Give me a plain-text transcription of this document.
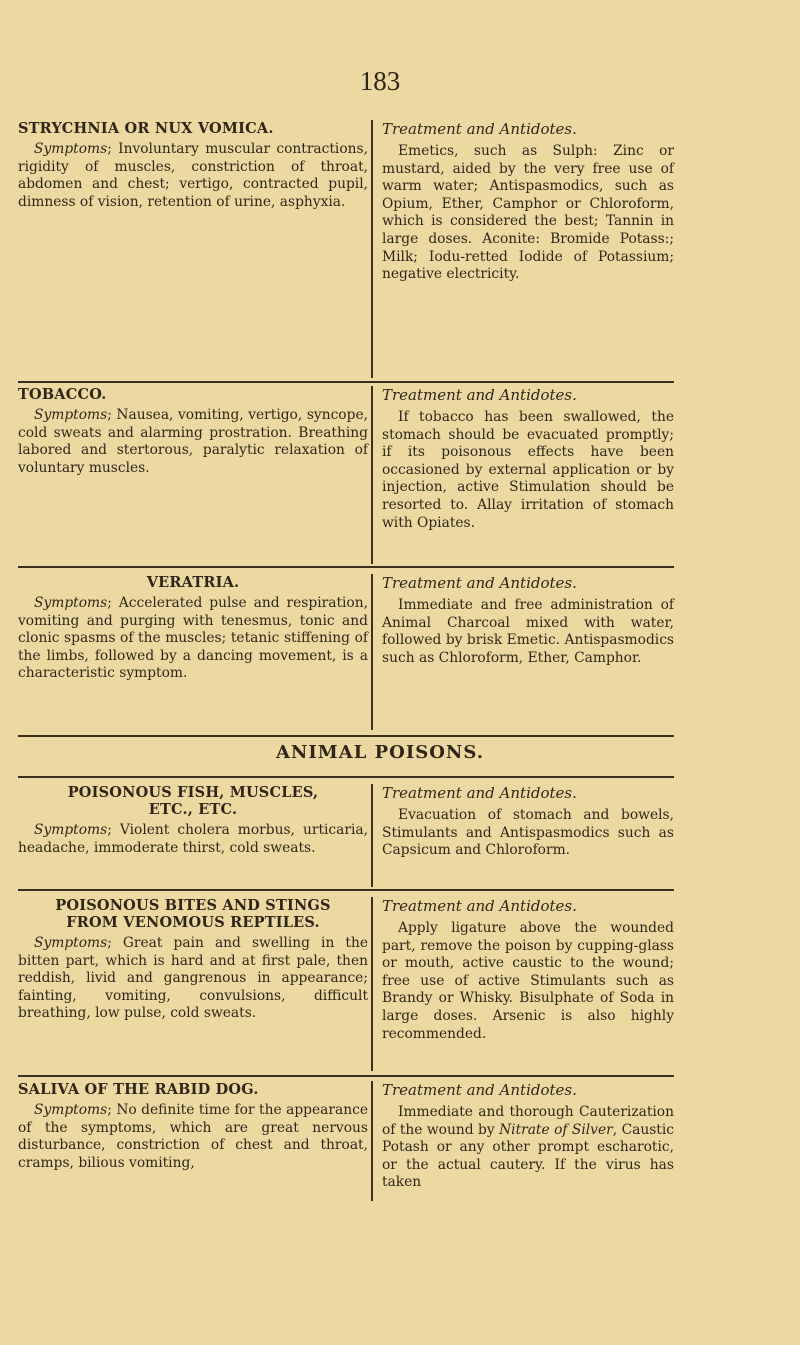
183
STRYCHNIA OR NUX VOMICA.

Symptoms; Involuntary muscular contractions, rigidity of muscles, constriction of throat, abdomen and chest; vertigo, contracted pupil, dimness of vision, retention of urine, asphyxia.

Treatment and Antidotes.

Emetics, such as Sulph: Zinc or mustard, aided by the very free use of warm water; Antispasmodics, such as Opium, Ether, Camphor or Chloroform, which is considered the best; Tannin in large doses. Aconite: Bromide Potass:; Milk; Iodu-retted Iodide of Potassium; negative electricity.

TOBACCO.

Symptoms; Nausea, vomiting, vertigo, syncope, cold sweats and alarming prostration. Breathing labored and stertorous, paralytic relaxation of voluntary muscles.

Treatment and Antidotes.

If tobacco has been swallowed, the stomach should be evacuated promptly; if its poisonous effects have been occasioned by external application or by injection, active Stimulation should be resorted to. Allay irritation of stomach with Opiates.

VERATRIA.

Symptoms; Accelerated pulse and respiration, vomiting and purging with tenesmus, tonic and clonic spasms of the muscles; tetanic stiffening of the limbs, followed by a dancing movement, is a characteristic symptom.

Treatment and Antidotes.

Immediate and free administration of Animal Charcoal mixed with water, followed by brisk Emetic. Antispasmodics such as Chloroform, Ether, Camphor.

ANIMAL POISONS.
POISONOUS FISH, MUSCLES,
ETC., ETC.

Symptoms; Violent cholera morbus, urticaria, headache, immoderate thirst, cold sweats.

Treatment and Antidotes.

Evacuation of stomach and bowels, Stimulants and Antispasmodics such as Capsicum and Chloroform.

POISONOUS BITES AND STINGS
FROM VENOMOUS REPTILES.

Symptoms; Great pain and swelling in the bitten part, which is hard and at first pale, then reddish, livid and gangrenous in appearance; fainting, vomiting, convulsions, difficult breathing, low pulse, cold sweats.

Treatment and Antidotes.

Apply ligature above the wounded part, remove the poison by cupping-glass or mouth, active caustic to the wound; free use of active Stimulants such as Brandy or Whisky. Bisulphate of Soda in large doses. Arsenic is also highly recommended.

SALIVA OF THE RABID DOG.

Symptoms; No definite time for the appearance of the symptoms, which are great nervous disturbance, constriction of chest and throat, cramps, bilious vomiting,

Treatment and Antidotes.

Immediate and thorough Cauterization of the wound by Nitrate of Silver, Caustic Potash or any other prompt escharotic, or the actual cautery. If the virus has taken
